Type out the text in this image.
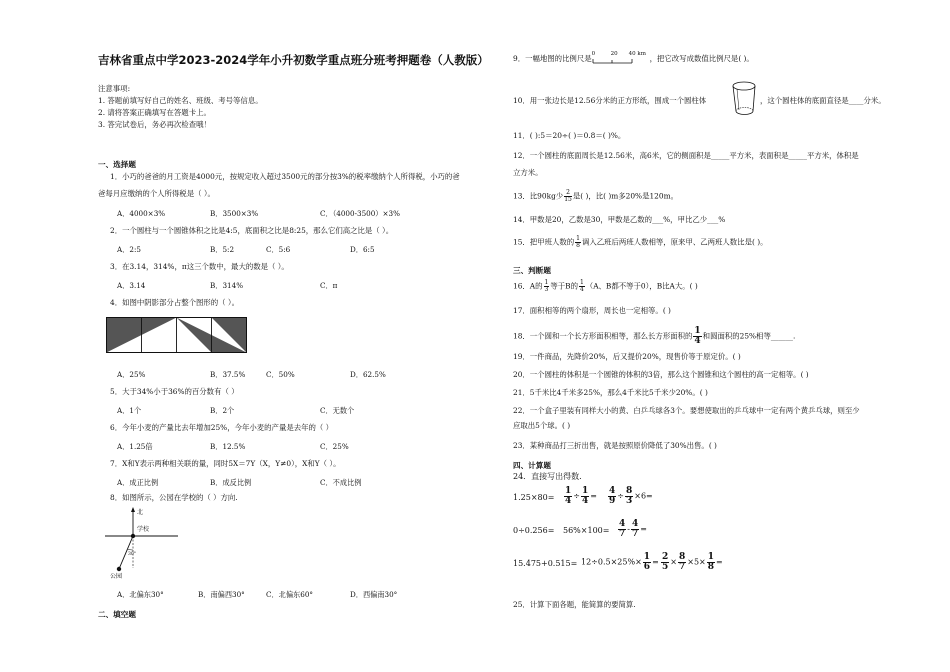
吉林省重点中学2023-2024学年小升初数学重点班分班考押题卷（人教版）
注意事项:
1. 答题前填写好自己的姓名、班级、考号等信息。
2. 请将答案正确填写在答题卡上。
3. 答完试卷后，务必再次检查哦！
一、选择题
1．小巧的爸爸的月工资是4000元，按规定收入超过3500元的部分按3%的税率缴纳个人所得税，小巧的爸
爸每月应缴纳的个人所得税是（ ）。
A．4000×3%	B．3500×3%	C．（4000-3500）×3%
2．一个圆柱与一个圆锥体积之比是4:5，底面积之比是8:25，那么它们高之比是（ ）。
A．2:5	B．5:2	C．5:6	D．6:5
3．在3.14，314%，π这三个数中，最大的数是（ ）。
A．3.14	B．314%	C．π
4．如图中阴影部分占整个图形的（ ）。
A．25%	B．37.5%	C．50%	D．62.5%
5．大于34%小于36%的百分数有（ ）
A．1个	B．2个	C．无数个
6．今年小麦的产量比去年增加25%，今年小麦的产量是去年的（ ）
A．1.25倍	B．12.5%	C．25%
7．X和Y表示两种相关联的量，同时5X＝7Y（X，Y≠0），X和Y（ ）。
A．成正比例	B．成反比例	C．不成比例
8．如图所示，公园在学校的（ ）方向.
北
学校
30°
公园
A．北偏东30°	B．南偏西30°	C．北偏东60°	D．西偏南30°
二、填空题
9．一幅地图的比例尺是 0	20 40 km ，把它改写成数值比例尺是( )。
10．用一张边长是12.56分米的正方形纸，围成一个圆柱体	，这个圆柱体的底面直径是____分米。
11．( ):5＝20÷( )＝0.8＝( )%。
12．一个圆柱的底面周长是12.56米，高6米，它的侧面积是_____平方米，表面积是_____平方米，体积是
立方米。
13．比90kg少 $\frac{2}{15}$ 是( )，比( )m多20%是120m。
14．甲数是20，乙数是30，甲数是乙数的___%，甲比乙少___%
15．把甲班人数的 $\frac{1}{8}$ 调入乙班后两班人数相等，原来甲、乙两班人数比是( )。
三、判断题
16．A的 $\frac{1}{3}$ 等于B的 $\frac{1}{4} (A$、B都不等于0），B比A大。( )
17．面积相等的两个扇形，周长也一定相等。( )
18．一个圆和一个长方形面积相等，那么长方形面积的 $\frac{1}{4}$ 和圆面积的25%相等______.
19．一件商品，先降价20%，后又提价20%，现售价等于原定价。( )
20．一个圆柱的体积是一个圆锥的体积的3倍，那么这个圆锥和这个圆柱的高一定相等。( )
21．5千米比4千米多25%，那么4千米比5千米少20%。( )
22．一个盒子里装有同样大小的黄、白乒乓球各3个。要想使取出的乒乓球中一定有两个黄乒乓球，则至少
应取出5个球。( )
23．某种商品打三折出售，就是按照原价降低了30%出售。( )
四、计算题
24．直接写出得数.
$1.25\times 80= \frac{1}{4} \div \frac{1}{4} = \frac{4}{9} \div \frac{8}{3} \times 6=$
$0\div 0.256= 56\%\times 100= \frac{4}{7} - \frac{4}{7}$ =
$15.475+0.515= 12\div 0.5\times 25\%\times \frac{1}{6} = \frac{2}{5} \times \frac{8}{7} \times 5\times \frac{1}{8}$ =
25．计算下面各题，能简算的要简算.
